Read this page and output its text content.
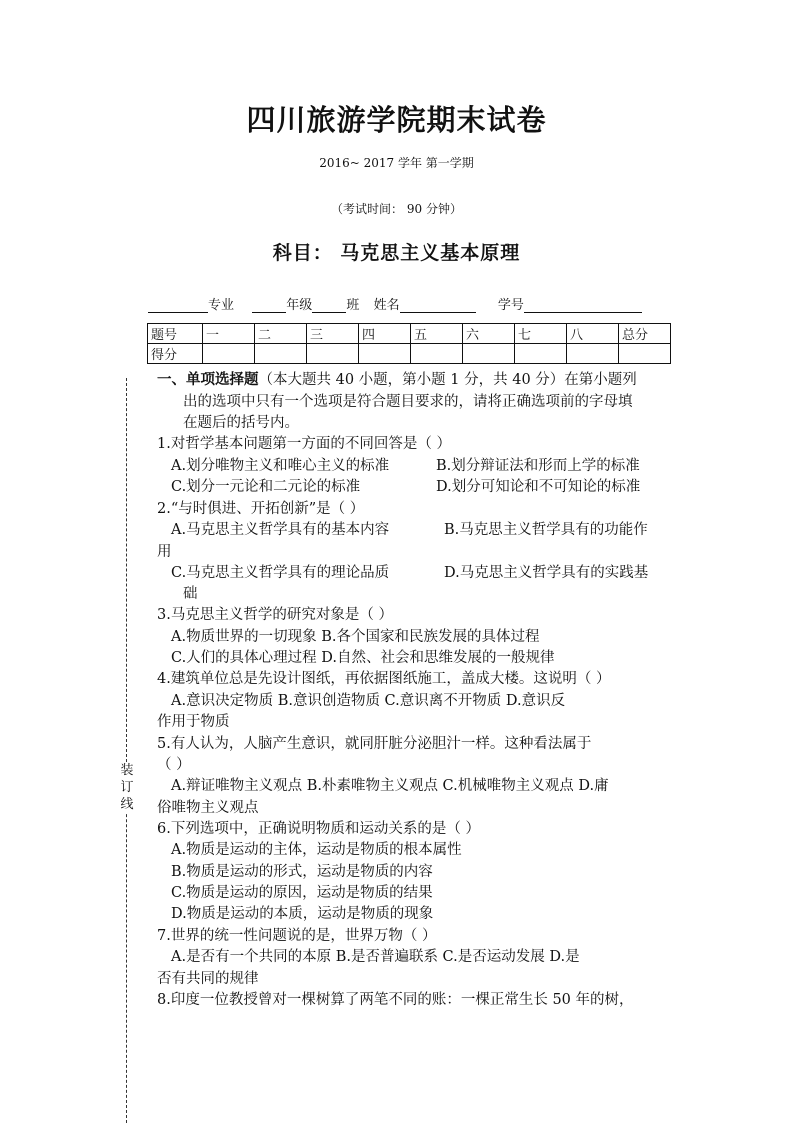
四川旅游学院期末试卷
2016~ 2017 学年 第一学期
（考试时间： 90 分钟）
科目： 马克思主义基本原理
专业	年级	班 姓名	学号
题号	一	二	三	四	五	六	七	八	总分
得分									
装
订
线
一、单项选择题（本大题共 40 小题，第小题 1 分，共 40 分）在第小题列
出的选项中只有一个选项是符合题目要求的，请将正确选项前的字母填
在题后的括号内。
1.对哲学基本问题第一方面的不同回答是（ ）
A.划分唯物主义和唯心主义的标准	B.划分辩证法和形而上学的标准
C.划分一元论和二元论的标准	D.划分可知论和不可知论的标准
2.“与时俱进、开拓创新”是（ ）
A.马克思主义哲学具有的基本内容	B.马克思主义哲学具有的功能作
用
C.马克思主义哲学具有的理论品质	D.马克思主义哲学具有的实践基
础
3.马克思主义哲学的研究对象是（ ）
A.物质世界的一切现象 B.各个国家和民族发展的具体过程
C.人们的具体心理过程 D.自然、社会和思维发展的一般规律
4.建筑单位总是先设计图纸，再依据图纸施工，盖成大楼。这说明（ ）
A.意识决定物质 B.意识创造物质 C.意识离不开物质 D.意识反
作用于物质
5.有人认为，人脑产生意识，就同肝脏分泌胆汁一样。这种看法属于
（ ）
A.辩证唯物主义观点 B.朴素唯物主义观点 C.机械唯物主义观点 D.庸
俗唯物主义观点
6.下列选项中，正确说明物质和运动关系的是（ ）
A.物质是运动的主体，运动是物质的根本属性
B.物质是运动的形式，运动是物质的内容
C.物质是运动的原因，运动是物质的结果
D.物质是运动的本质，运动是物质的现象
7.世界的统一性问题说的是，世界万物（ ）
A.是否有一个共同的本原 B.是否普遍联系 C.是否运动发展 D.是
否有共同的规律
8.印度一位教授曾对一棵树算了两笔不同的账：一棵正常生长 50 年的树，
